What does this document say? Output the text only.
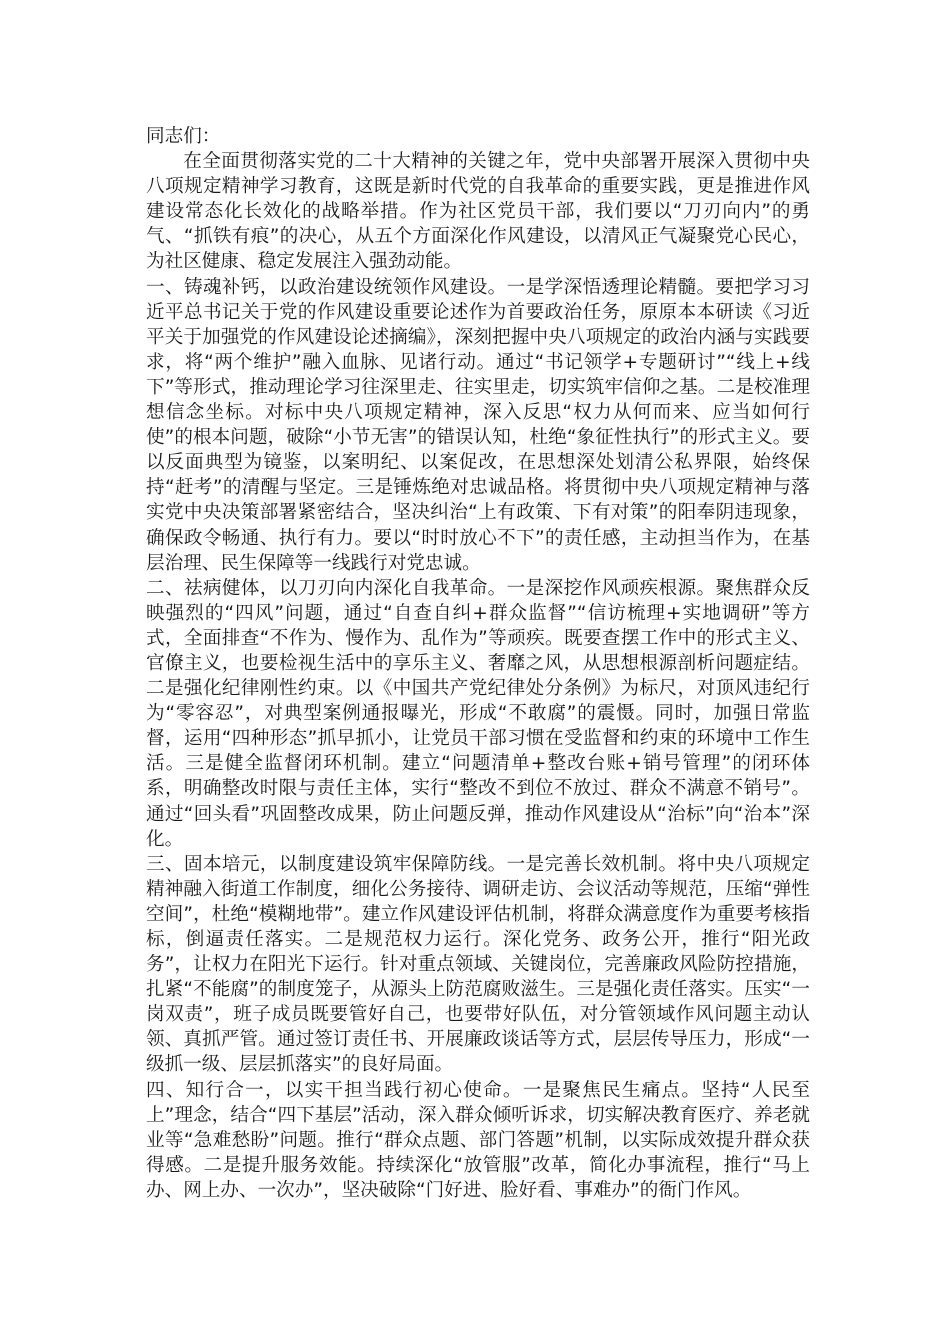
同志们：

在全面贯彻落实党的二十大精神的关键之年，党中央部署开展深入贯彻中央八项规定精神学习教育，这既是新时代党的自我革命的重要实践，更是推进作风建设常态化长效化的战略举措。作为社区党员干部，我们要以“刀刃向内”的勇气、“抓铁有痕”的决心，从五个方面深化作风建设，以清风正气凝聚党心民心，为社区健康、稳定发展注入强劲动能。

一、铸魂补钙，以政治建设统领作风建设。一是学深悟透理论精髓。要把学习习近平总书记关于党的作风建设重要论述作为首要政治任务，原原本本研读《习近平关于加强党的作风建设论述摘编》，深刻把握中央八项规定的政治内涵与实践要求，将“两个维护”融入血脉、见诸行动。通过“书记领学+专题研讨”“线上+线下”等形式，推动理论学习往深里走、往实里走，切实筑牢信仰之基。二是校准理想信念坐标。对标中央八项规定精神，深入反思“权力从何而来、应当如何行使”的根本问题，破除“小节无害”的错误认知，杜绝“象征性执行”的形式主义。要以反面典型为镜鉴，以案明纪、以案促改，在思想深处划清公私界限，始终保持“赶考”的清醒与坚定。三是锤炼绝对忠诚品格。将贯彻中央八项规定精神与落实党中央决策部署紧密结合，坚决纠治“上有政策、下有对策”的阳奉阴违现象，确保政令畅通、执行有力。要以“时时放心不下”的责任感，主动担当作为，在基层治理、民生保障等一线践行对党忠诚。

二、祛病健体，以刀刃向内深化自我革命。一是深挖作风顽疾根源。聚焦群众反映强烈的“四风”问题，通过“自查自纠+群众监督”“信访梳理+实地调研”等方式，全面排查“不作为、慢作为、乱作为”等顽疾。既要查摆工作中的形式主义、官僚主义，也要检视生活中的享乐主义、奢靡之风，从思想根源剖析问题症结。二是强化纪律刚性约束。以《中国共产党纪律处分条例》为标尺，对顶风违纪行为“零容忍”，对典型案例通报曝光，形成“不敢腐”的震慑。同时，加强日常监督，运用“四种形态”抓早抓小，让党员干部习惯在受监督和约束的环境中工作生活。三是健全监督闭环机制。建立“问题清单+整改台账+销号管理”的闭环体系，明确整改时限与责任主体，实行“整改不到位不放过、群众不满意不销号”。通过“回头看”巩固整改成果，防止问题反弹，推动作风建设从“治标”向“治本”深化。

三、固本培元，以制度建设筑牢保障防线。一是完善长效机制。将中央八项规定精神融入街道工作制度，细化公务接待、调研走访、会议活动等规范，压缩“弹性空间”，杜绝“模糊地带”。建立作风建设评估机制，将群众满意度作为重要考核指标，倒逼责任落实。二是规范权力运行。深化党务、政务公开，推行“阳光政务”，让权力在阳光下运行。针对重点领域、关键岗位，完善廉政风险防控措施，扎紧“不能腐”的制度笼子，从源头上防范腐败滋生。三是强化责任落实。压实“一岗双责”，班子成员既要管好自己，也要带好队伍，对分管领域作风问题主动认领、真抓严管。通过签订责任书、开展廉政谈话等方式，层层传导压力，形成“一级抓一级、层层抓落实”的良好局面。

四、知行合一，以实干担当践行初心使命。一是聚焦民生痛点。坚持“人民至上”理念，结合“四下基层”活动，深入群众倾听诉求，切实解决教育医疗、养老就业等“急难愁盼”问题。推行“群众点题、部门答题”机制，以实际成效提升群众获得感。二是提升服务效能。持续深化“放管服”改革，简化办事流程，推行“马上办、网上办、一次办”，坚决破除“门好进、脸好看、事难办”的衙门作风。
